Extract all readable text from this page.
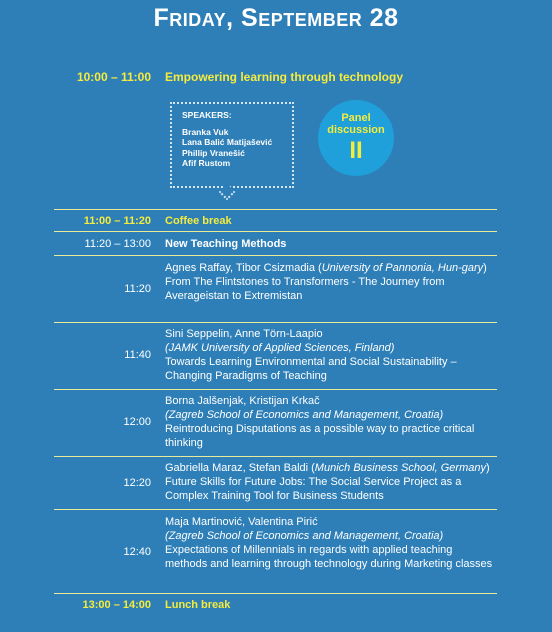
Friday, September 28
10:00 – 11:00 Empowering learning through technology
SPEAKERS:
Branka Vuk
Lana Balić Matijašević
Phillip Vranešić
Afif Rustom
Panel
discussion
II
11:00 – 11:20 Coffee break
11:20 – 13:00 New Teaching Methods
11:20
Agnes Raffay, Tibor Csizmadia (University of Pannonia, Hun-gary)
From The Flintstones to Transformers - The Journey from Averageistan to Extremistan
11:40
Sini Seppelin, Anne Törn-Laapio
(JAMK University of Applied Sciences, Finland)
Towards Learning Environmental and Social Sustainability – Changing Paradigms of Teaching
12:00
Borna Jalšenjak, Kristijan Krkač
(Zagreb School of Economics and Management, Croatia)
Reintroducing Disputations as a possible way to practice critical thinking
12:20
Gabriella Maraz, Stefan Baldi (Munich Business School, Germany)
Future Skills for Future Jobs: The Social Service Project as a Complex Training Tool for Business Students
12:40
Maja Martinović, Valentina Pirić
(Zagreb School of Economics and Management, Croatia)
Expectations of Millennials in regards with applied teaching methods and learning through technology during Marketing classes
13:00 – 14:00 Lunch break
